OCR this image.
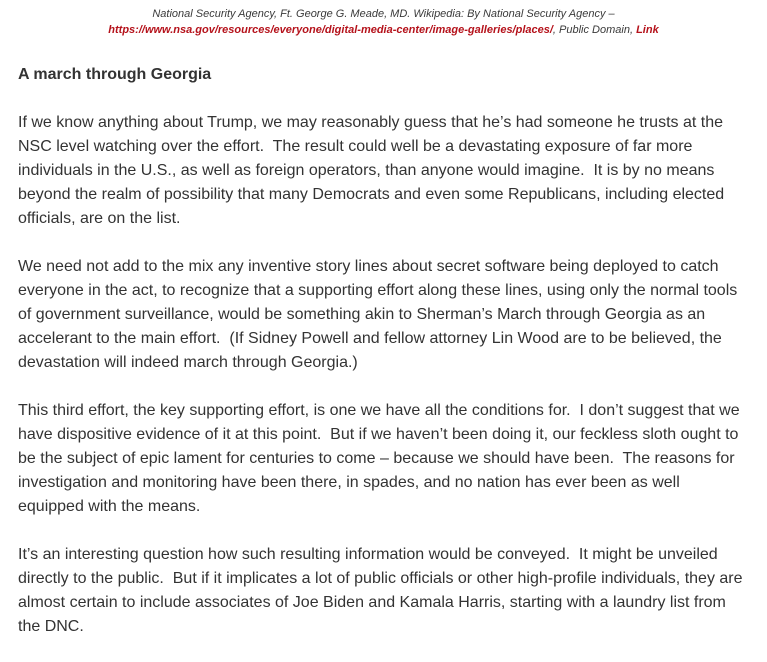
National Security Agency, Ft. George G. Meade, MD. Wikipedia: By National Security Agency –
https://www.nsa.gov/resources/everyone/digital-media-center/image-galleries/places/, Public Domain, Link
A march through Georgia

If we know anything about Trump, we may reasonably guess that he’s had someone he trusts at the NSC level watching over the effort.  The result could well be a devastating exposure of far more individuals in the U.S., as well as foreign operators, than anyone would imagine.  It is by no means beyond the realm of possibility that many Democrats and even some Republicans, including elected officials, are on the list.

We need not add to the mix any inventive story lines about secret software being deployed to catch everyone in the act, to recognize that a supporting effort along these lines, using only the normal tools of government surveillance, would be something akin to Sherman’s March through Georgia as an accelerant to the main effort.  (If Sidney Powell and fellow attorney Lin Wood are to be believed, the devastation will indeed march through Georgia.)

This third effort, the key supporting effort, is one we have all the conditions for.  I don’t suggest that we have dispositive evidence of it at this point.  But if we haven’t been doing it, our feckless sloth ought to be the subject of epic lament for centuries to come – because we should have been.  The reasons for investigation and monitoring have been there, in spades, and no nation has ever been as well equipped with the means.

It’s an interesting question how such resulting information would be conveyed.  It might be unveiled directly to the public.  But if it implicates a lot of public officials or other high-profile individuals, they are almost certain to include associates of Joe Biden and Kamala Harris, starting with a laundry list from the DNC.
